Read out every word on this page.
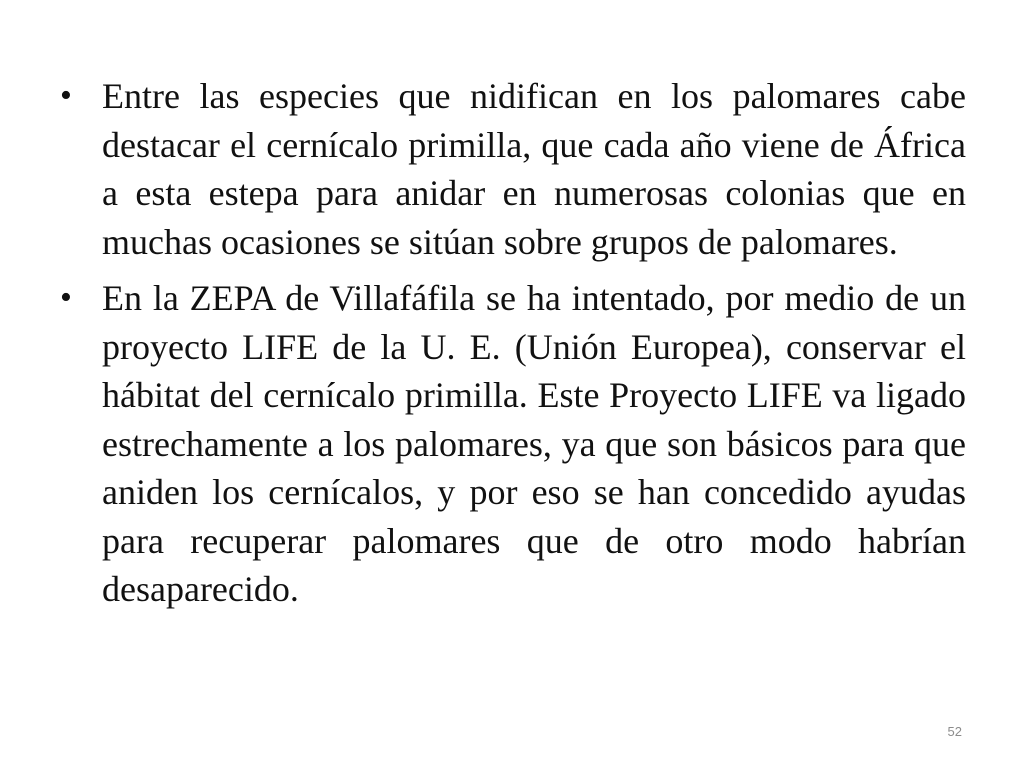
• Entre las especies que nidifican en los palomares cabe destacar el cernícalo primilla, que cada año viene de África a esta estepa para anidar en numerosas colonias que en muchas ocasiones se sitúan sobre grupos de palomares.
• En la ZEPA de Villafáfila se ha intentado, por medio de un proyecto LIFE de la U. E. (Unión Europea), conservar el hábitat del cernícalo primilla. Este Proyecto LIFE va ligado estrechamente a los palomares, ya que son básicos para que aniden los cernícalos, y por eso se han concedido ayudas para recuperar palomares que de otro modo habrían desaparecido.
52
